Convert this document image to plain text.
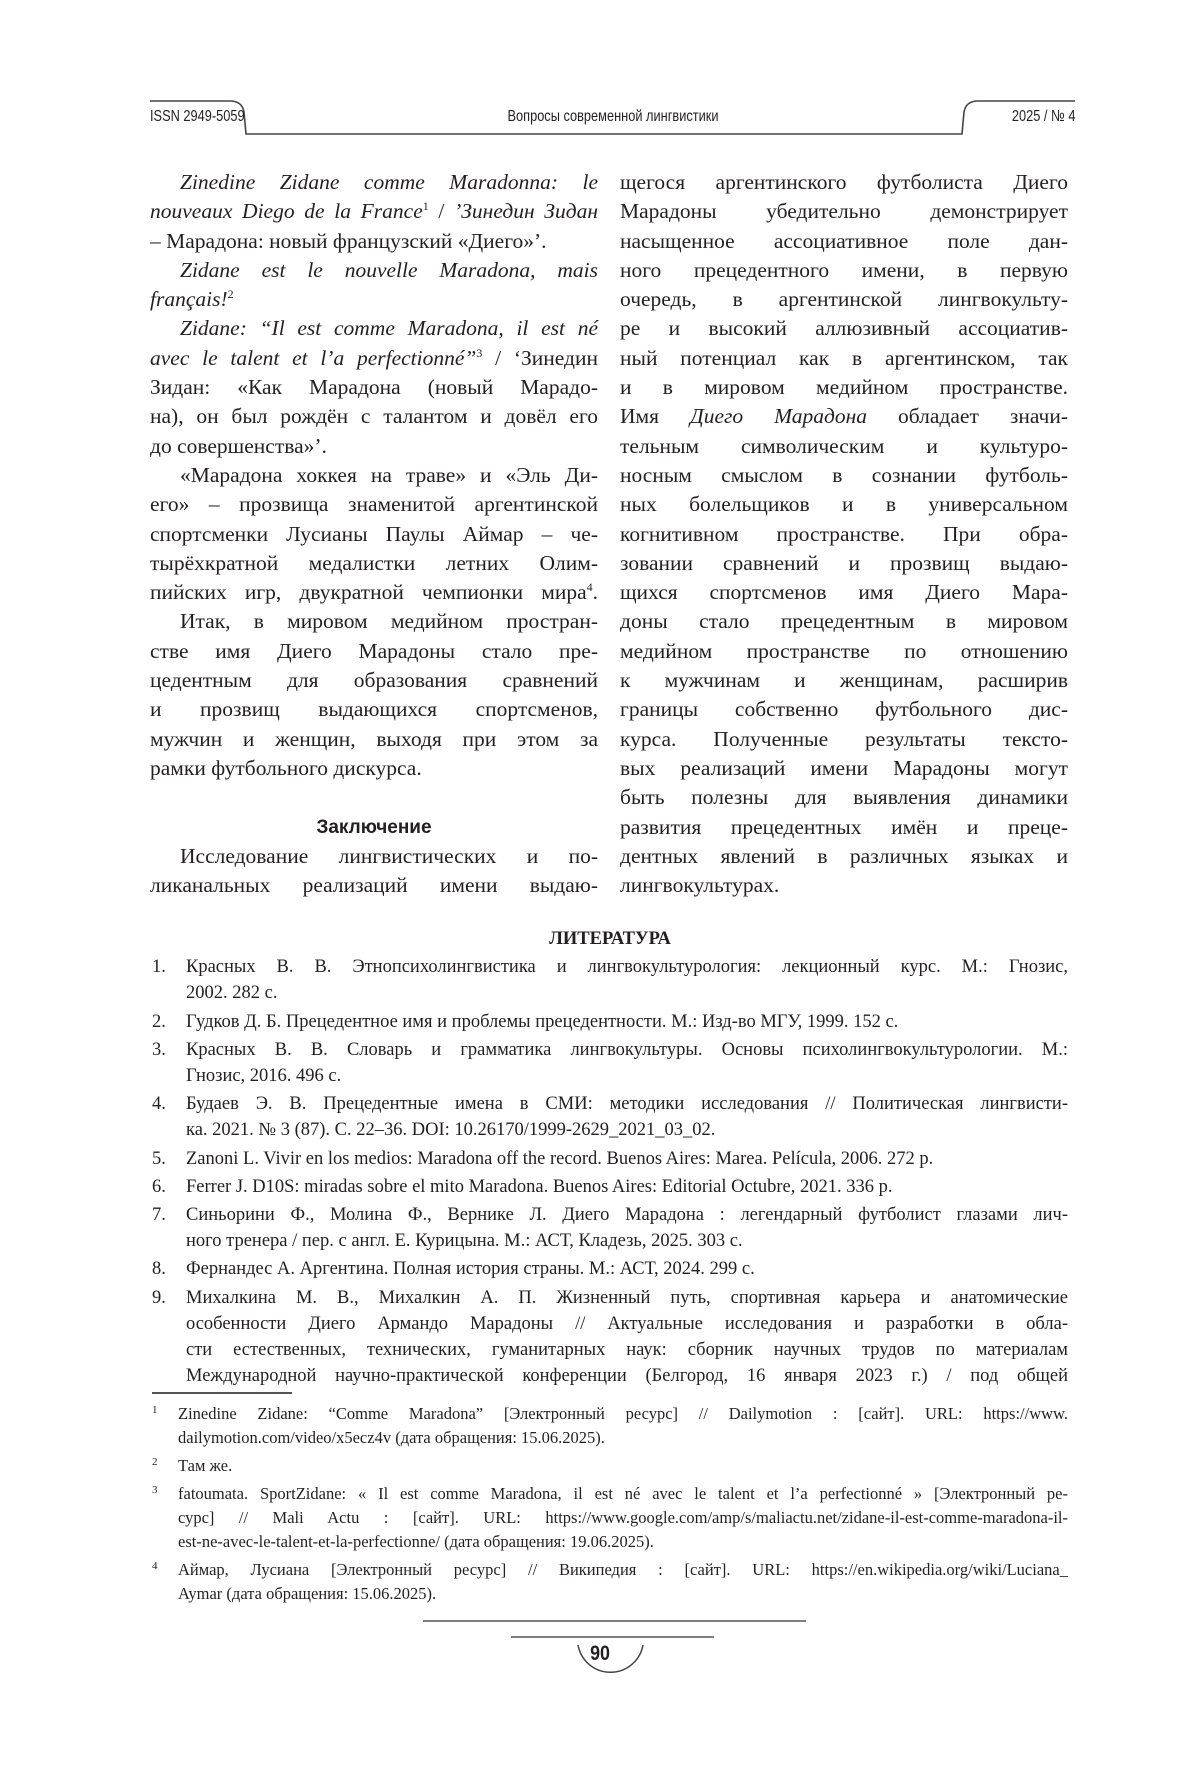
ISSN 2949-5059	Вопросы современной лингвистики	2025 / № 4
Zinedine Zidane comme Maradonna: le
nouveaux Diego de la France1 / ’Зинедин Зидан
– Марадона: новый французский «Диего»’.
Zidane est le nouvelle Maradona, mais
français!2
Zidane: “Il est comme Maradona, il est né
avec le talent et l’a perfectionné”3 / ‘Зинедин
Зидан: «Как Марадона (новый Марадо-
на), он был рождён с талантом и довёл его
до совершенства»’.
«Марадона хоккея на траве» и «Эль Ди-
его» – прозвища знаменитой аргентинской
спортсменки Лусианы Паулы Аймар – че-
тырёхкратной медалистки летних Олим-
пийских игр, двукратной чемпионки мира4.
Итак, в мировом медийном простран-
стве имя Диего Марадоны стало пре-
цедентным для образования сравнений
и прозвищ выдающихся спортсменов,
мужчин и женщин, выходя при этом за
рамки футбольного дискурса.
Заключение
Исследование лингвистических и по-
ликанальных реализаций имени выдаю-
щегося аргентинского футболиста Диего
Марадоны убедительно демонстрирует
насыщенное ассоциативное поле дан-
ного прецедентного имени, в первую
очередь, в аргентинской лингвокульту-
ре и высокий аллюзивный ассоциатив-
ный потенциал как в аргентинском, так
и в мировом медийном пространстве.
Имя Диего Марадона обладает значи-
тельным символическим и культуро-
носным смыслом в сознании футболь-
ных болельщиков и в универсальном
когнитивном пространстве. При обра-
зовании сравнений и прозвищ выдаю-
щихся спортсменов имя Диего Мара-
доны стало прецедентным в мировом
медийном пространстве по отношению
к мужчинам и женщинам, расширив
границы собственно футбольного дис-
курса. Полученные результаты тексто-
вых реализаций имени Марадоны могут
быть полезны для выявления динамики
развития прецедентных имён и преце-
дентных явлений в различных языках и
лингвокультурах.
ЛИТЕРАТУРА
1. Красных В. В. Этнопсихолингвистика и лингвокультурология: лекционный курс. М.: Гнозис,
2002. 282 с.
2. Гудков Д. Б. Прецедентное имя и проблемы прецедентности. М.: Изд-во МГУ, 1999. 152 с.
3. Красных В. В. Словарь и грамматика лингвокультуры. Основы психолингвокультурологии. М.:
Гнозис, 2016. 496 с.
4. Будаев Э. В. Прецедентные имена в СМИ: методики исследования // Политическая лингвисти-
ка. 2021. № 3 (87). С. 22–36. DOI: 10.26170/1999-2629_2021_03_02.
5. Zanoni L. Vivir en los medios: Maradona off the record. Buenos Aires: Marea. Película, 2006. 272 p.
6. Ferrer J. D10S: miradas sobre el mito Maradona. Buenos Aires: Editorial Octubre, 2021. 336 p.
7. Синьорини Ф., Молина Ф., Вернике Л. Диего Марадона : легендарный футболист глазами лич-
ного тренера / пер. с англ. Е. Курицына. М.: АСТ, Кладезь, 2025. 303 с.
8. Фернандес А. Аргентина. Полная история страны. М.: АСТ, 2024. 299 с.
9. Михалкина М. В., Михалкин А. П. Жизненный путь, спортивная карьера и анатомические
особенности Диего Армандо Марадоны // Актуальные исследования и разработки в обла-
сти естественных, технических, гуманитарных наук: сборник научных трудов по материалам
Международной научно-практической конференции (Белгород, 16 января 2023 г.) / под общей
1 Zinedine Zidane: “Comme Maradona” [Электронный ресурс] // Dailymotion : [сайт]. URL: https://www.
dailymotion.com/video/x5ecz4v (дата обращения: 15.06.2025).
2 Там же.
3 fatoumata. SportZidane: « Il est comme Maradona, il est né avec le talent et l’a perfectionné » [Электронный ре-
сурс] // Mali Actu : [сайт]. URL: https://www.google.com/amp/s/maliactu.net/zidane-il-est-comme-maradona-il-
est-ne-avec-le-talent-et-la-perfectionne/ (дата обращения: 19.06.2025).
4 Аймар, Лусиана [Электронный ресурс] // Википедия : [сайт]. URL: https://en.wikipedia.org/wiki/Luciana_
Aymar (дата обращения: 15.06.2025).
90
